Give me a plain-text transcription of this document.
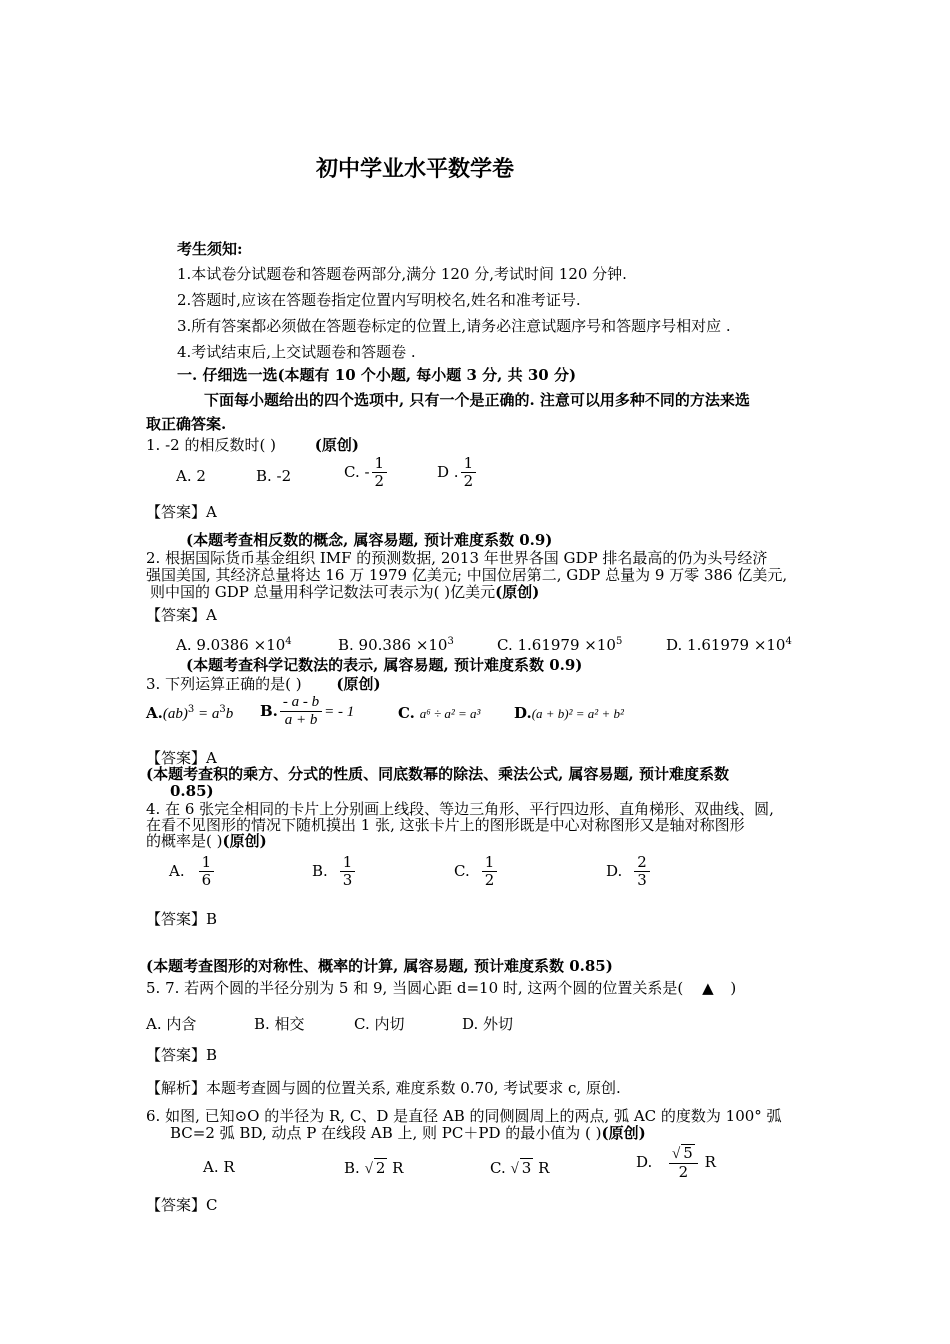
初中学业水平数学卷
考生须知:
1.本试卷分试题卷和答题卷两部分,满分 120 分,考试时间 120 分钟.
2.答题时,应该在答题卷指定位置内写明校名,姓名和准考证号.
3.所有答案都必须做在答题卷标定的位置上,请务必注意试题序号和答题序号相对应 .
4.考试结束后,上交试题卷和答题卷 .
一. 仔细选一选(本题有 10 个小题, 每小题 3 分, 共 30 分)
下面每小题给出的四个选项中, 只有一个是正确的. 注意可以用多种不同的方法来选
取正确答案.
1. -2 的相反数时( )	(原创)
A. 2	B. -2	C. - $\frac{1}{2}$	D . $\frac{1}{2}$
【答案】A
(本题考查相反数的概念, 属容易题, 预计难度系数 0.9)
2. 根据国际货币基金组织 IMF 的预测数据, 2013 年世界各国 GDP 排名最高的仍为头号经济
强国美国, 其经济总量将达 16 万 1979 亿美元; 中国位居第二, GDP 总量为 9 万零 386 亿美元,
则中国的 GDP 总量用科学记数法可表示为( )亿美元(原创)
【答案】A
A. $9.0386 \times 10^4$	B. $90.386 \times 10^3$	C. $1.61979 \times 10^5$	D. $1.61979 \times 10^4$
(本题考查科学记数法的表示, 属容易题, 预计难度系数 0.9)
3. 下列运算正确的是( ) (原创)
$A.(ab)^3 = a^3b$ B. $\frac{- a - b}{a + b}$ = - 1	C. a⁶ ÷ a² = a³ D.(a + b)² = a² + b²
【答案】A
(本题考查积的乘方、分式的性质、同底数幂的除法、乘法公式, 属容易题, 预计难度系数
0.85)
4. 在 6 张完全相同的卡片上分别画上线段、等边三角形、平行四边形、直角梯形、双曲线、圆,
在看不见图形的情况下随机摸出 1 张, 这张卡片上的图形既是中心对称图形又是轴对称图形
的概率是( )(原创)
A. $\frac{1}{6}$	B. $\frac{1}{3}$	C. $\frac{1}{2}$	D. $\frac{2}{3}$
【答案】B
(本题考查图形的对称性、概率的计算, 属容易题, 预计难度系数 0.85)
5. 7. 若两个圆的半径分别为 5 和 9, 当圆心距 d=10 时, 这两个圆的位置关系是( ▲ )
A. 内含	B. 相交	C. 内切	D. 外切
【答案】B
【解析】本题考查圆与圆的位置关系, 难度系数 0.70, 考试要求 c, 原创.
6. 如图, 已知⊙O 的半径为 R, C、D 是直径 AB 的同侧圆周上的两点, 弧 AC 的度数为 100° 弧
BC=2 弧 BD, 动点 P 在线段 AB 上, 则 PC＋PD 的最小值为 ( )(原创)
A. R	B. √ 2 R	C. √ 3 R	D. $\frac{√ 5}{2}$ R
【答案】C
